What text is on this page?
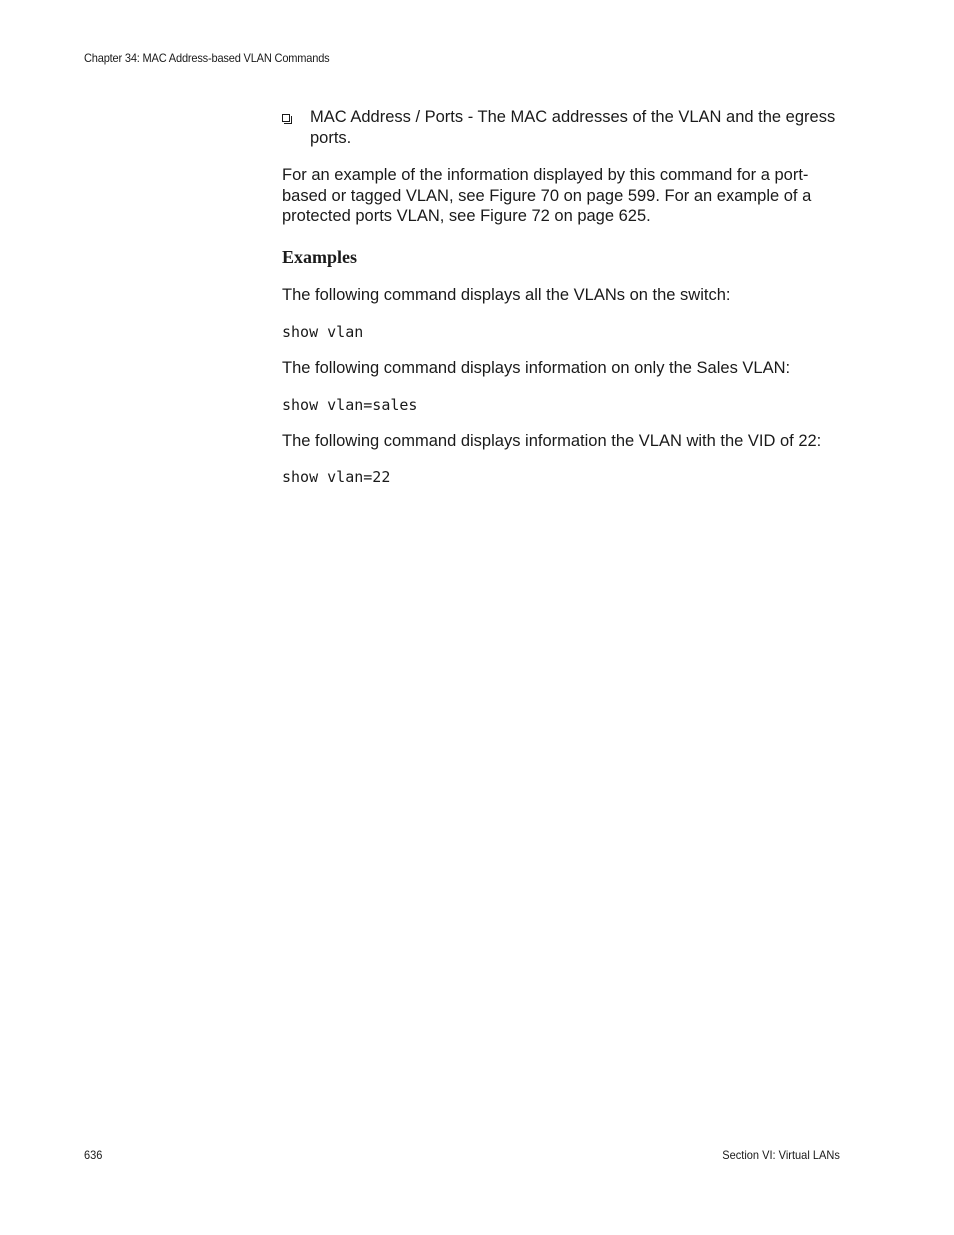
Chapter 34: MAC Address-based VLAN Commands
MAC Address / Ports - The MAC addresses of the VLAN and the egress ports.

For an example of the information displayed by this command for a port-based or tagged VLAN, see Figure 70 on page 599. For an example of a protected ports VLAN, see Figure 72 on page 625.

Examples

The following command displays all the VLANs on the switch:

show vlan

The following command displays information on only the Sales VLAN:

show vlan=sales

The following command displays information the VLAN with the VID of 22:

show vlan=22

636	Section VI: Virtual LANs
